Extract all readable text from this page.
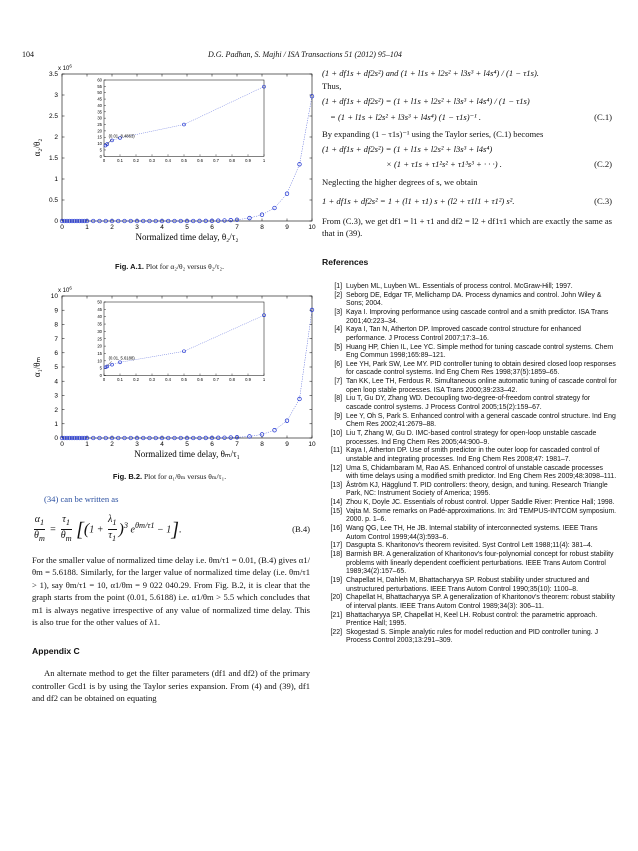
104	D.G. Padhan, S. Majhi / ISA Transactions 51 (2012) 95–104
x $10^6$
0	1	2	3	4	5	6	7	8	9	10
0
0.5
1
1.5
2
2.5
3
3.5
Normalized time delay, θ₂/τ₂
α₂/θ₂
0	0.1 0.2 0.3 0.4 0.5 0.6 0.7 0.8 0.9	1
0
5
10
15
20
25
30
35
40
45
50
55
60
(0.01, 8.4863)
Fig. A.1. Plot for α₂/θ₂ versus θ₂/τ₂.
x $10^6$
0	1	2	3	4	5	6	7	8	9	10
0
1
2
3
4
5
6
7
8
9
10
Normalized time delay, θₘ/τ₁
α₁/θₘ
0	0.1 0.2 0.3 0.4 0.5 0.6 0.7 0.8 0.9	1
0
5
10
15
20
25
30
35
40
45
50
(0.01, 5.6188)
Fig. B.2. Plot for α₁/θₘ versus θₘ/τ₁.
(34) can be written as
$\frac{\alpha_1}{\theta_m} = \frac{\tau_1}{\theta_m} [(1 + \frac{\lambda_1}{\tau_1} )^3$ $e^{\theta m/\tau 1} - 1$].	(B.4)
For the smaller value of normalized time delay i.e. θm/τ1 = 0.01, (B.4) gives α1/θm = 5.6188. Similarly, for the larger value of normalized time delay (i.e. θm/τ1 > 1), say θm/τ1 = 10, α1/θm = 9 022 040.29. From Fig. B.2, it is clear that the graph starts from the point (0.01, 5.6188) i.e. α1/θm > 5.5 which concludes that m1 is always negative irrespective of any value of normalized time delay. This is also true for the other values of λ1.
Appendix C
An alternate method to get the filter parameters (df1 and df2) of the primary controller Gcd1 is by using the Taylor series expansion. From (4) and (39), df1 and df2 can be obtained on equating
(1 + df1s + df2s²) and (1 + l1s + l2s² + l3s³ + l4s⁴) / (1 − τ1s).
Thus,
(1 + df1s + df2s²) = (1 + l1s + l2s² + l3s³ + l4s⁴) / (1 − τ1s)
= (1 + l1s + l2s² + l3s³ + l4s⁴) (1 − τ1s)⁻¹ .	(C.1)
By expanding (1 − τ1s)⁻¹ using the Taylor series, (C.1) becomes
(1 + df1s + df2s²) = (1 + l1s + l2s² + l3s³ + l4s⁴)
× (1 + τ1s + τ1²s² + τ1³s³ + · · ·) .	(C.2)
Neglecting the higher degrees of s, we obtain
1 + df1s + df2s² = 1 + (l1 + τ1) s + (l2 + τ1l1 + τ1²) s².	(C.3)
From (C.3), we get df1 = l1 + τ1 and df2 = l2 + df1τ1 which are exactly the same as that in (39).
References
[1] Luyben ML, Luyben WL. Essentials of process control. McGraw-Hill; 1997.
[2] Seborg DE, Edgar TF, Mellichamp DA. Process dynamics and control. John Wiley & Sons; 2004.
[3] Kaya I. Improving performance using cascade control and a smith predictor. ISA Trans 2001;40:223–34.
[4] Kaya I, Tan N, Atherton DP. Improved cascade control structure for enhanced performance. J Process Control 2007;17:3–16.
[5] Huang HP, Chien IL, Lee YC. Simple method for tuning cascade control systems. Chem Eng Commun 1998;165:89–121.
[6] Lee YH, Park SW, Lee MY. PID controller tuning to obtain desired closed loop responses for cascade control systems. Ind Eng Chem Res 1998;37(5):1859–65.
[7] Tan KK, Lee TH, Ferdous R. Simultaneous online automatic tuning of cascade control for open loop stable processes. ISA Trans 2000;39:233–42.
[8] Liu T, Gu DY, Zhang WD. Decoupling two-degree-of-freedom control strategy for cascade control systems. J Process Control 2005;15(2):159–67.
[9] Lee Y, Oh S, Park S. Enhanced control with a general cascade control structure. Ind Eng Chem Res 2002;41:2679–88.
[10] Liu T, Zhang W, Gu D. IMC-based control strategy for open-loop unstable cascade processes. Ind Eng Chem Res 2005;44:900–9.
[11] Kaya I, Atherton DP. Use of smith predictor in the outer loop for cascaded control of unstable and integrating processes. Ind Eng Chem Res 2008;47: 1981–7.
[12] Uma S, Chidambaram M, Rao AS. Enhanced control of unstable cascade processes with time delays using a modified smith predictor. Ind Eng Chem Res 2009;48:3098–111.
[13] Åström KJ, Hägglund T. PID controllers: theory, design, and tuning. Research Triangle Park, NC: Instrument Society of America; 1995.
[14] Zhou K, Doyle JC. Essentials of robust control. Upper Saddle River: Prentice Hall; 1998.
[15] Vajta M. Some remarks on Padé-approximations. In: 3rd TEMPUS-INTCOM symposium. 2000. p. 1–6.
[16] Wang QG, Lee TH, He JB. Internal stability of interconnected systems. IEEE Trans Autom Control 1999;44(3):593–6.
[17] Dasgupta S. Kharitonov's theorem revisited. Syst Control Lett 1988;11(4): 381–4.
[18] Barmish BR. A generalization of Kharitonov's four-polynomial concept for robust stability problems with linearly dependent coefficient perturbations. IEEE Trans Autom Control 1989;34(2):157–65.
[19] Chapellat H, Dahleh M, Bhattacharyya SP. Robust stability under structured and unstructured perturbations. IEEE Trans Autom Control 1990;35(10): 1100–8.
[20] Chapellat H, Bhattacharyya SP. A generalization of Kharitonov's theorem: robust stability of interval plants. IEEE Trans Autom Control 1989;34(3): 306–11.
[21] Bhattacharyya SP, Chapellat H, Keel LH. Robust control: the parametric approach. Prentice Hall; 1995.
[22] Skogestad S. Simple analytic rules for model reduction and PID controller tuning. J Process Control 2003;13:291–309.
